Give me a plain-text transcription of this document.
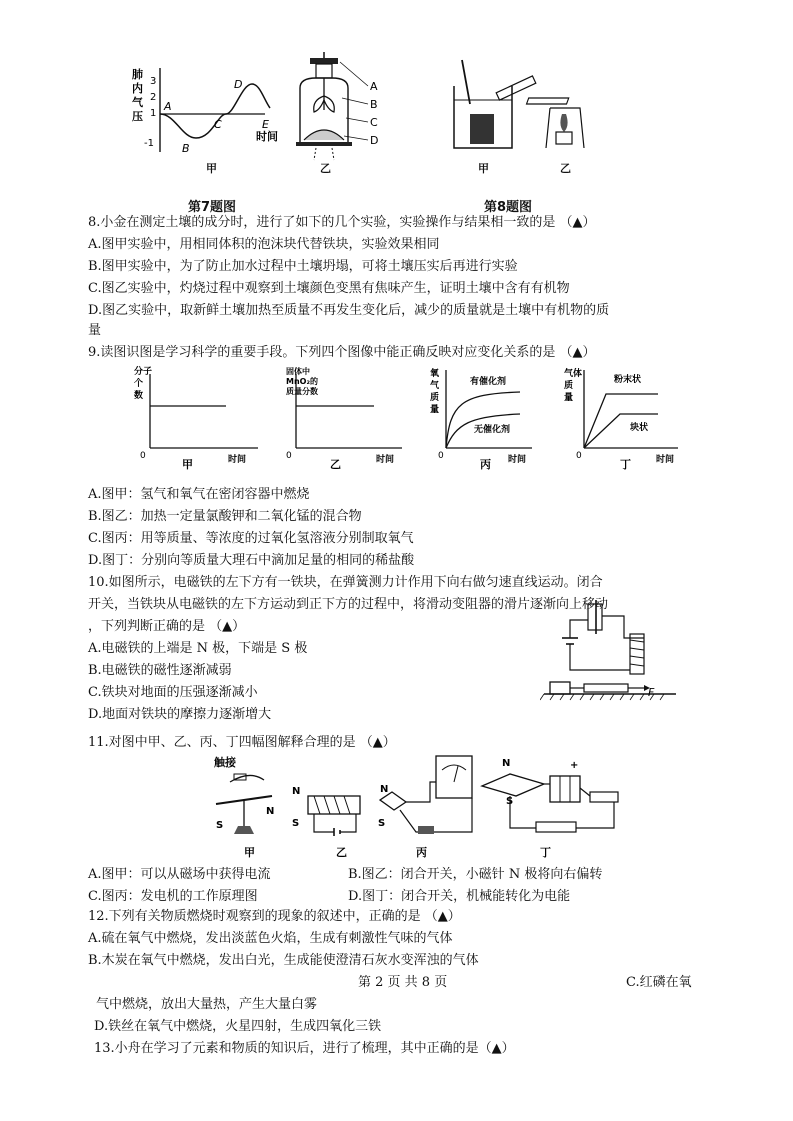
肺
内
气
压
3
2
1
-1
A
B
C
D
E
时间
A
B
C
D
甲	乙
第7题图
甲	乙
第8题图
8.小金在测定土壤的成分时，进行了如下的几个实验，实验操作与结果相一致的是 （▲）
A.图甲实验中，用相同体积的泡沫块代替铁块，实验效果相同
B.图甲实验中，为了防止加水过程中土壤坍塌，可将土壤压实后再进行实验
C.图乙实验中，灼烧过程中观察到土壤颜色变黑有焦味产生，证明土壤中含有有机物
D.图乙实验中，取新鲜土壤加热至质量不再发生变化后，减少的质量就是土壤中有机物的质
量
9.读图识图是学习科学的重要手段。下列四个图像中能正确反映对应变化关系的是 （▲）
分子
个
数
0	时间
甲
固体中
MnO₂的
质量分数
0	时间
乙
氧
气
质
量
有催化剂
无催化剂
0	时间
丙
气体
质
量
粉末状
块状
0	时间
丁
A.图甲：氢气和氧气在密闭容器中燃烧
B.图乙：加热一定量氯酸钾和二氧化锰的混合物
C.图丙：用等质量、等浓度的过氧化氢溶液分别制取氧气
D.图丁：分别向等质量大理石中滴加足量的相同的稀盐酸
10.如图所示，电磁铁的左下方有一铁块，在弹簧测力计作用下向右做匀速直线运动。闭合
开关，当铁块从电磁铁的左下方运动到正下方的过程中，将滑动变阻器的滑片逐渐向上移动
，下列判断正确的是 （▲）
A.电磁铁的上端是 N 极，下端是 S 极
B.电磁铁的磁性逐渐减弱
C.铁块对地面的压强逐渐减小
D.地面对铁块的摩擦力逐渐增大
F
11.对图中甲、乙、丙、丁四幅图解释合理的是 （▲）
触接
S
N
N
S
N
S
N
S
+
甲	乙	丙	丁
A.图甲：可以从磁场中获得电流	B.图乙：闭合开关，小磁针 N 极将向右偏转
C.图丙：发电机的工作原理图	D.图丁：闭合开关，机械能转化为电能
12.下列有关物质燃烧时观察到的现象的叙述中，正确的是 （▲）
A.硫在氧气中燃烧，发出淡蓝色火焰，生成有刺激性气味的气体
B.木炭在氧气中燃烧，发出白光，生成能使澄清石灰水变浑浊的气体
第 2 页 共 8 页	C.红磷在氧
气中燃烧，放出大量热，产生大量白雾
D.铁丝在氧气中燃烧，火星四射，生成四氧化三铁
13.小舟在学习了元素和物质的知识后，进行了梳理，其中正确的是（▲）
